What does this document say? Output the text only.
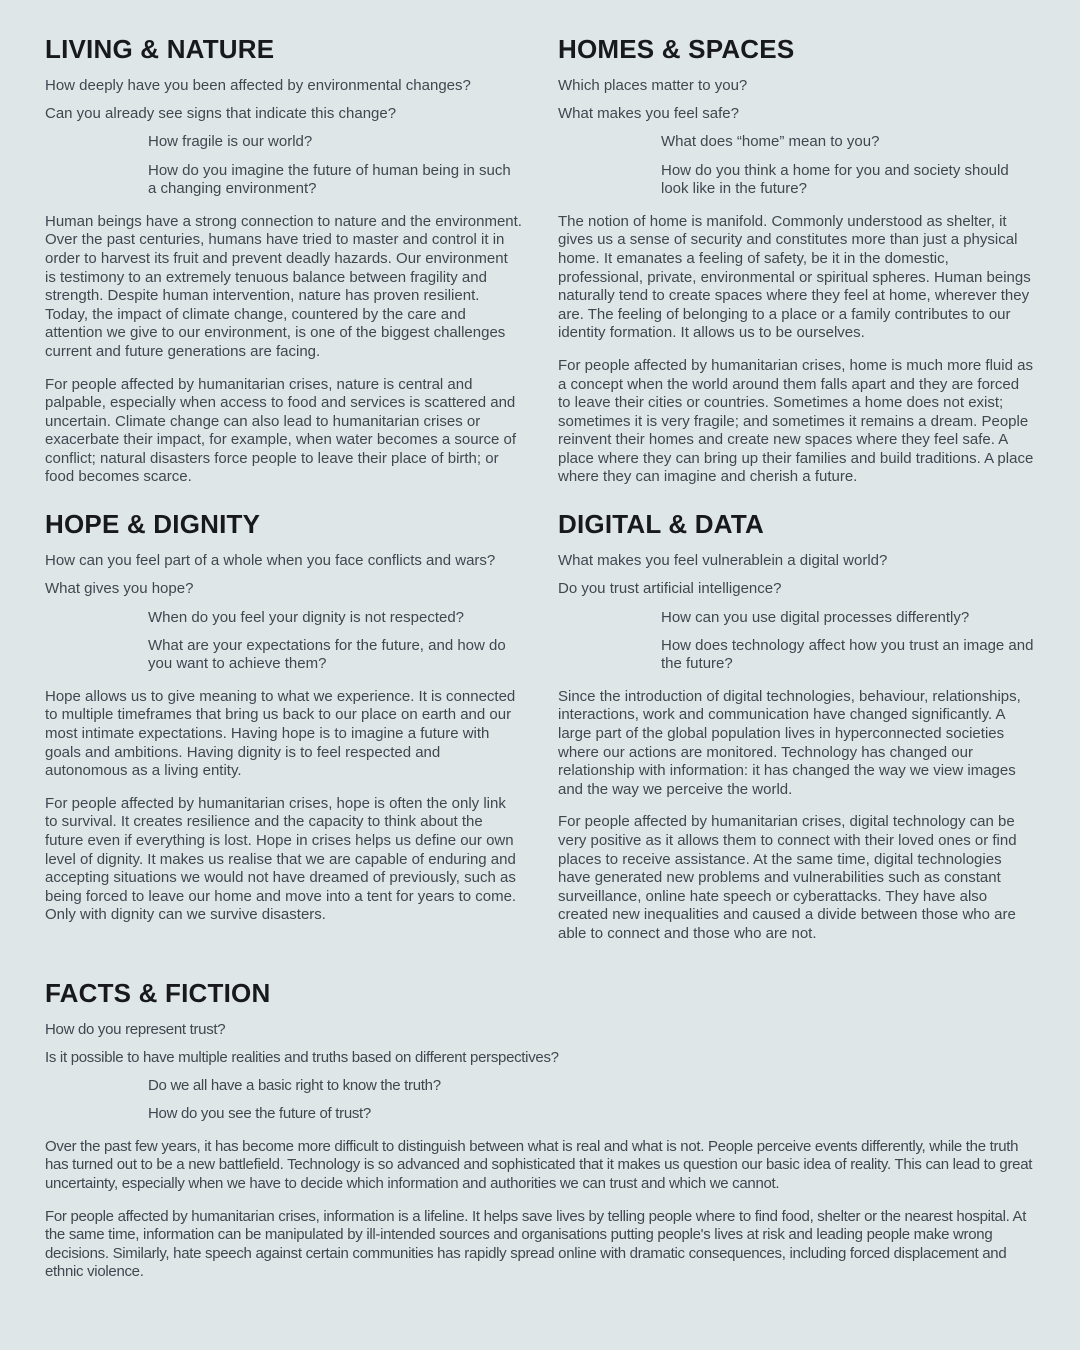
LIVING & NATURE

How deeply have you been affected by environmental changes?

Can you already see signs that indicate this change?

How fragile is our world?

How do you imagine the future of human being in such a changing environment?

Human beings have a strong connection to nature and the environment. Over the past centuries, humans have tried to master and control it in order to harvest its fruit and prevent deadly hazards. Our environment is testimony to an extremely tenuous balance between fragility and strength. Despite human intervention, nature has proven resilient. Today, the impact of climate change, countered by the care and attention we give to our environment, is one of the biggest challenges current and future generations are facing.

For people affected by humanitarian crises, nature is central and palpable, especially when access to food and services is scattered and uncertain. Climate change can also lead to humanitarian crises or exacerbate their impact, for example, when water becomes a source of conflict; natural disasters force people to leave their place of birth; or food becomes scarce.

HOMES & SPACES

Which places matter to you?

What makes you feel safe?

What does “home” mean to you?

How do you think a home for you and society should look like in the future?

The notion of home is manifold. Commonly understood as shelter, it gives us a sense of security and constitutes more than just a physical home. It emanates a feeling of safety, be it in the domestic, professional, private, environmental or spiritual spheres. Human beings naturally tend to create spaces where they feel at home, wherever they are. The feeling of belonging to a place or a family contributes to our identity formation. It allows us to be ourselves.

For people affected by humanitarian crises, home is much more fluid as a concept when the world around them falls apart and they are forced to leave their cities or countries. Sometimes a home does not exist; sometimes it is very fragile; and sometimes it remains a dream. People reinvent their homes and create new spaces where they feel safe. A place where they can bring up their families and build traditions. A place where they can imagine and cherish a future.

HOPE & DIGNITY

How can you feel part of a whole when you face conflicts and wars?

What gives you hope?

When do you feel your dignity is not respected?

What are your expectations for the future, and how do you want to achieve them?

Hope allows us to give meaning to what we experience. It is connected to multiple timeframes that bring us back to our place on earth and our most intimate expectations. Having hope is to imagine a future with goals and ambitions. Having dignity is to feel respected and autonomous as a living entity.

For people affected by humanitarian crises, hope is often the only link to survival. It creates resilience and the capacity to think about the future even if everything is lost. Hope in crises helps us define our own level of dignity. It makes us realise that we are capable of enduring and accepting situations we would not have dreamed of previously, such as being forced to leave our home and move into a tent for years to come. Only with dignity can we survive disasters.

DIGITAL & DATA

What makes you feel vulnerablein a digital world?

Do you trust artificial intelligence?

How can you use digital processes differently?

How does technology affect how you trust an image and the future?

Since the introduction of digital technologies, behaviour, relationships, interactions, work and communication have changed significantly. A large part of the global population lives in hyperconnected societies where our actions are monitored. Technology has changed our relationship with information: it has changed the way we view images and the way we perceive the world.

For people affected by humanitarian crises, digital technology can be very positive as it allows them to connect with their loved ones or find places to receive assistance. At the same time, digital technologies have generated new problems and vulnerabilities such as constant surveillance, online hate speech or cyberattacks. They have also created new inequalities and caused a divide between those who are able to connect and those who are not.

FACTS & FICTION

How do you represent trust?

Is it possible to have multiple realities and truths based on different perspectives?

Do we all have a basic right to know the truth?

How do you see the future of trust?

Over the past few years, it has become more difficult to distinguish between what is real and what is not. People perceive events differently, while the truth has turned out to be a new battlefield. Technology is so advanced and sophisticated that it makes us question our basic idea of reality. This can lead to great uncertainty, especially when we have to decide which information and authorities we can trust and which we cannot.

For people affected by humanitarian crises, information is a lifeline. It helps save lives by telling people where to find food, shelter or the nearest hospital. At the same time, information can be manipulated by ill-intended sources and organisations putting people's lives at risk and leading people make wrong decisions. Similarly, hate speech against certain communities has rapidly spread online with dramatic consequences, including forced displacement and ethnic violence.
